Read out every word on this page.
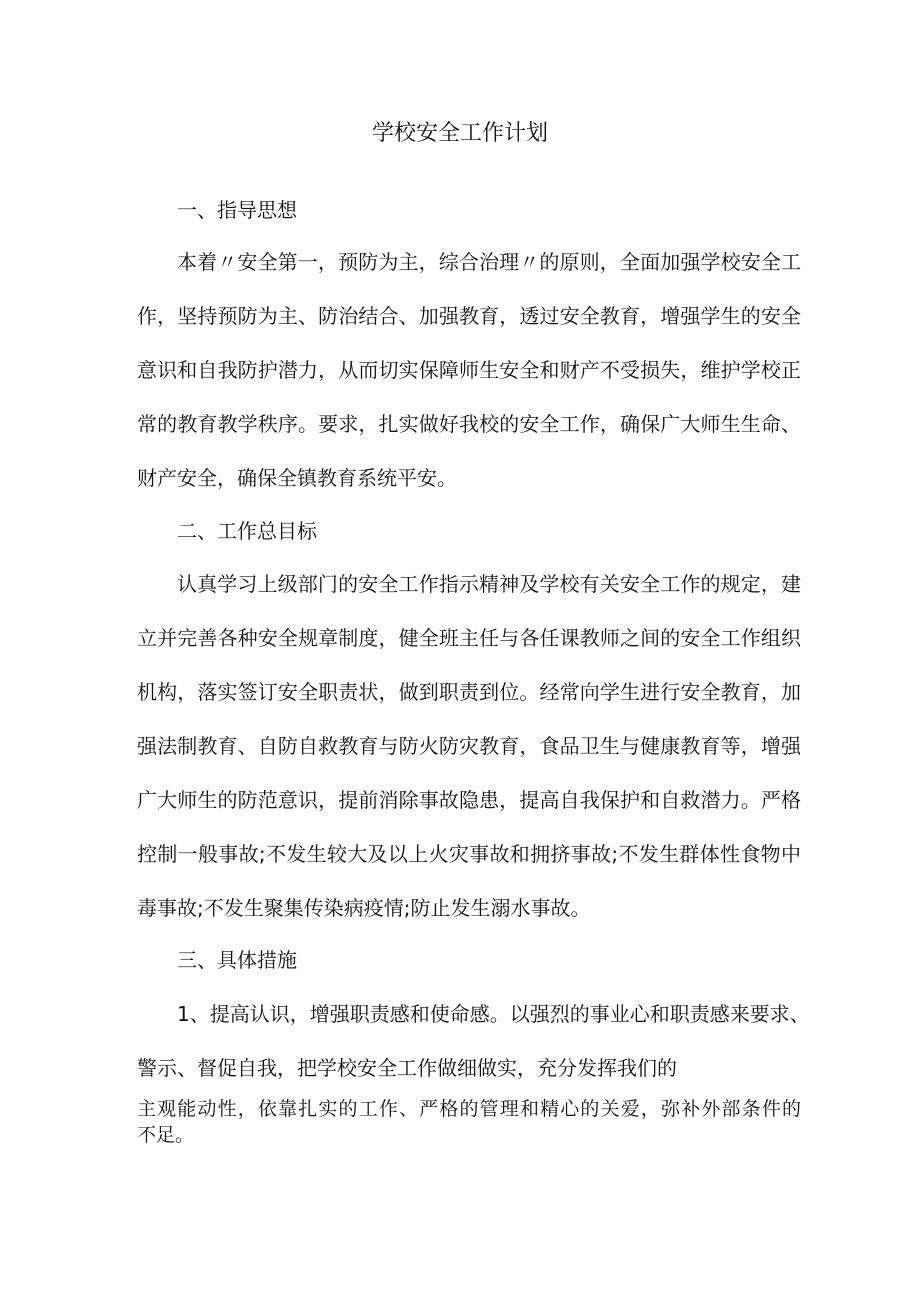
学校安全工作计划
一、指导思想
本着〃安全第一，预防为主，综合治理〃的原则，全面加强学校安全工
作，坚持预防为主、防治结合、加强教育，透过安全教育，增强学生的安全
意识和自我防护潜力，从而切实保障师生安全和财产不受损失，维护学校正
常的教育教学秩序。要求，扎实做好我校的安全工作，确保广大师生生命、
财产安全，确保全镇教育系统平安。
二、工作总目标
认真学习上级部门的安全工作指示精神及学校有关安全工作的规定，建
立并完善各种安全规章制度，健全班主任与各任课教师之间的安全工作组织
机构，落实签订安全职责状，做到职责到位。经常向学生进行安全教育，加
强法制教育、自防自救教育与防火防灾教育，食品卫生与健康教育等，增强
广大师生的防范意识，提前消除事故隐患，提高自我保护和自救潜力。严格
控制一般事故;不发生较大及以上火灾事故和拥挤事故;不发生群体性食物中
毒事故;不发生聚集传染病疫情;防止发生溺水事故。
三、具体措施
1、提高认识，增强职责感和使命感。以强烈的事业心和职责感来要求、
警示、督促自我，把学校安全工作做细做实，充分发挥我们的
主观能动性，依靠扎实的工作、严格的管理和精心的关爱，弥补外部条件的
不足。
